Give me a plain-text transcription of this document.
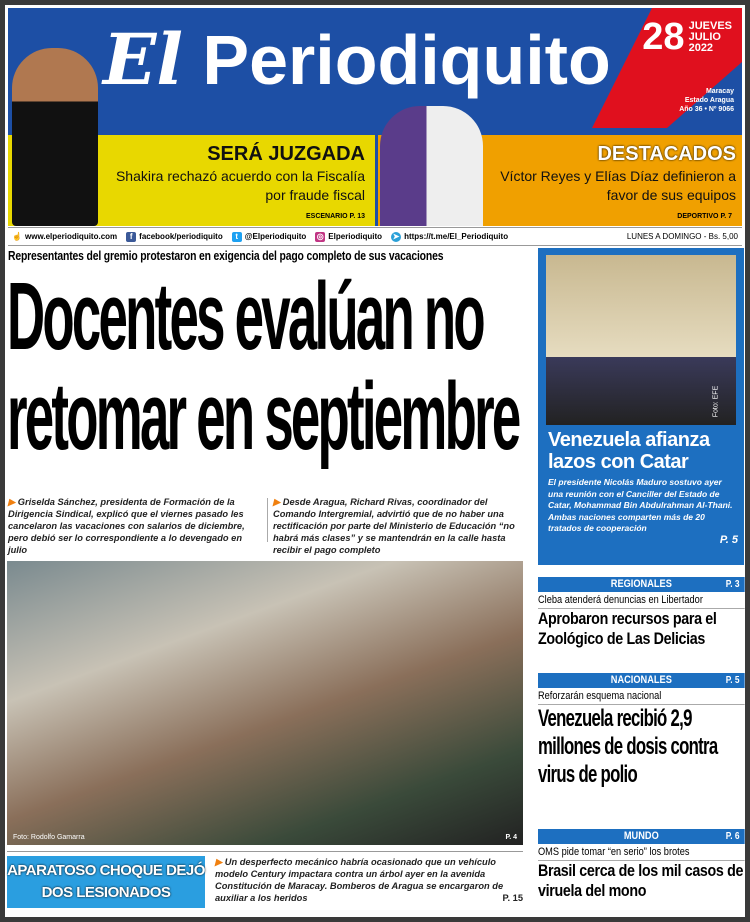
SERÁ JUZGADA
Shakira rechazó acuerdo con la Fiscalía por fraude fiscal
ESCENARIO P. 13
DESTACADOS
Víctor Reyes y Elías Díaz definieron a favor de sus equipos
DEPORTIVO P. 7
El Periodiquito 28 JUEVES
JULIO
2022
Maracay
Estado Aragua
Año 36 • Nº 9066
☝ www.elperiodiquito.com	f facebook/periodiquito	t @Elperiodiquito ◎ Elperiodiquito ➤ https://t.me/El_Periodiquito	LUNES A DOMINGO - Bs. 5,00
Representantes del gremio protestaron en exigencia del pago completo de sus vacaciones
Docentes evalúan no
retomar en septiembre
▶ Griselda Sánchez, presidenta de Formación de la Dirigencia Sindical, explicó que el viernes pasado les cancelaron las vacaciones con salarios de diciembre, pero debió ser lo correspondiente a lo devengado en julio
▶ Desde Aragua, Richard Rivas, coordinador del Comando Intergremial, advirtió que de no haber una rectificación por parte del Ministerio de Educación “no habrá más clases” y se mantendrán en la calle hasta recibir el pago completo
Foto: Rodolfo Gamarra	P. 4
Foto: EFE
Venezuela afianza lazos con Catar
El presidente Nicolás Maduro sostuvo ayer una reunión con el Canciller del Estado de Catar, Mohammad Bin Abdulrahman Al-Thani. Ambas naciones comparten más de 20 tratados de cooperación
P. 5
REGIONALES	P. 3
Cleba atenderá denuncias en Libertador
Aprobaron recursos para el Zoológico de Las Delicias
NACIONALES	P. 5
Reforzarán esquema nacional
Venezuela recibió 2,9 millones de dosis contra virus de polio
MUNDO	P. 6
OMS pide tomar “en serio” los brotes
Brasil cerca de los mil casos de viruela del mono
APARATOSO CHOQUE DEJÓ DOS LESIONADOS
▶ Un desperfecto mecánico habría ocasionado que un vehículo modelo Century impactara contra un árbol ayer en la avenida Constitución de Maracay. Bomberos de Aragua se encargaron de auxiliar a los heridos	P. 15
